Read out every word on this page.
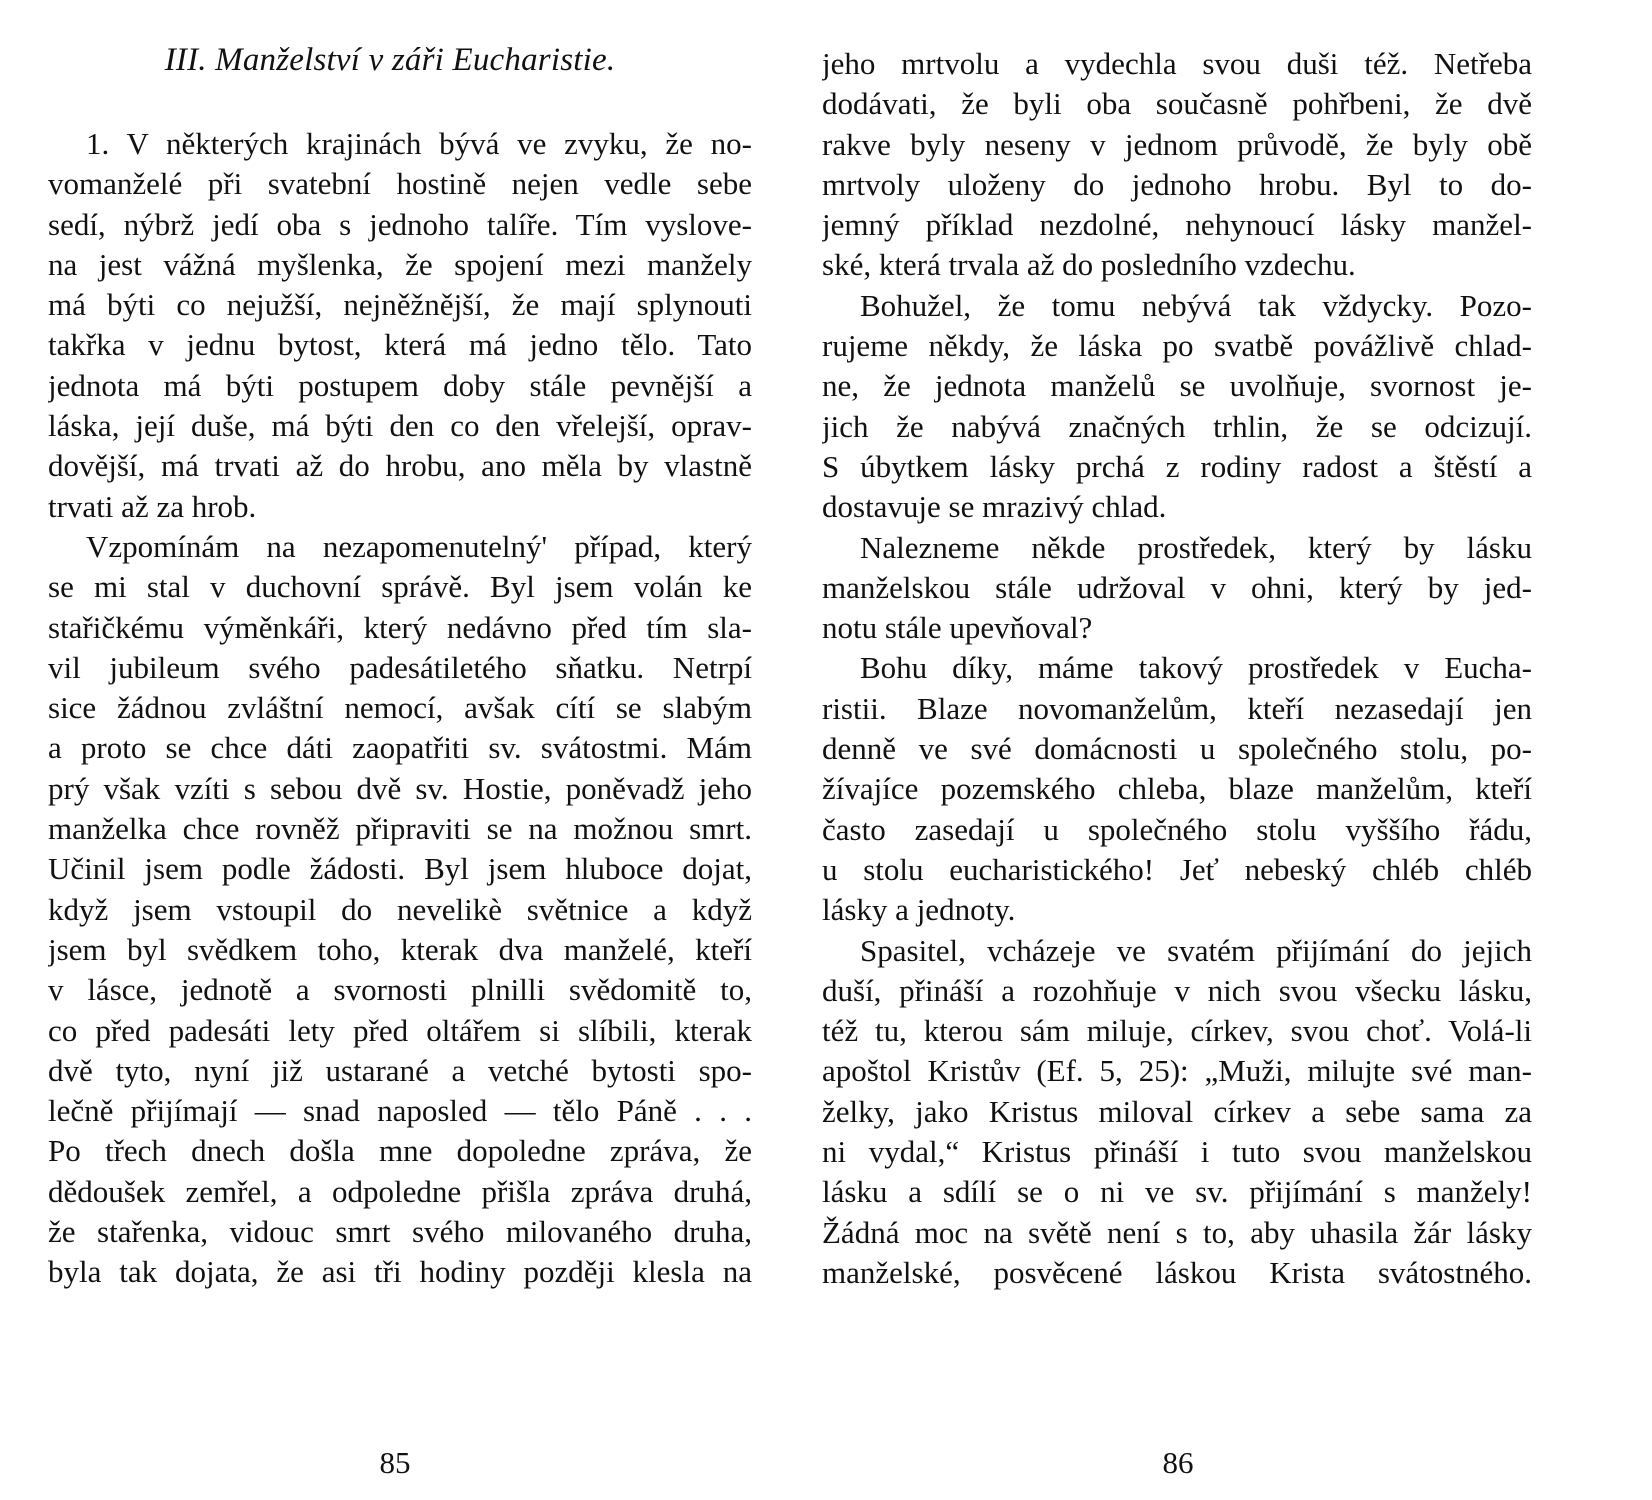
III. Manželství v záři Eucharistie.
1. V některých krajinách bývá ve zvyku, že no-
vomanželé při svatební hostině nejen vedle sebe
sedí, nýbrž jedí oba s jednoho talíře. Tím vyslove-
na jest vážná myšlenka, že spojení mezi manžely
má býti co nejužší, nejněžnější, že mají splynouti
takřka v jednu bytost, která má jedno tělo. Tato
jednota má býti postupem doby stále pevnější a
láska, její duše, má býti den co den vřelejší, oprav-
dovější, má trvati až do hrobu, ano měla by vlastně
trvati až za hrob.
Vzpomínám na nezapomenutelný' případ, který
se mi stal v duchovní správě. Byl jsem volán ke
stařičkému výměnkáři, který nedávno před tím sla-
vil jubileum svého padesátiletého sňatku. Netrpí
sice žádnou zvláštní nemocí, avšak cítí se slabým
a proto se chce dáti zaopatřiti sv. svátostmi. Mám
prý však vzíti s sebou dvě sv. Hostie, poněvadž jeho
manželka chce rovněž připraviti se na možnou smrt.
Učinil jsem podle žádosti. Byl jsem hluboce dojat,
když jsem vstoupil do nevelikè světnice a když
jsem byl svědkem toho, kterak dva manželé, kteří
v lásce, jednotě a svornosti plnilli svědomitě to,
co před padesáti lety před oltářem si slíbili, kterak
dvě tyto, nyní již ustarané a vetché bytosti spo-
lečně přijímají — snad naposled — tělo Páně . . .
Po třech dnech došla mne dopoledne zpráva, že
dědoušek zemřel, a odpoledne přišla zpráva druhá,
že stařenka, vidouc smrt svého milovaného druha,
byla tak dojata, že asi tři hodiny později klesla na
85
jeho mrtvolu a vydechla svou duši též. Netřeba
dodávati, že byli oba současně pohřbeni, že dvě
rakve byly neseny v jednom průvodě, že byly obě
mrtvoly uloženy do jednoho hrobu. Byl to do-
jemný příklad nezdolné, nehynoucí lásky manžel-
ské, která trvala až do posledního vzdechu.
Bohužel, že tomu nebývá tak vždycky. Pozo-
rujeme někdy, že láska po svatbě povážlivě chlad-
ne, že jednota manželů se uvolňuje, svornost je-
jich že nabývá značných trhlin, že se odcizují.
S úbytkem lásky prchá z rodiny radost a štěstí a
dostavuje se mrazivý chlad.
Nalezneme někde prostředek, který by lásku
manželskou stále udržoval v ohni, který by jed-
notu stále upevňoval?
Bohu díky, máme takový prostředek v Eucha-
ristii. Blaze novomanželům, kteří nezasedají jen
denně ve své domácnosti u společného stolu, po-
žívajíce pozemského chleba, blaze manželům, kteří
často zasedají u společného stolu vyššího řádu,
u stolu eucharistického! Jeť nebeský chléb chléb
lásky a jednoty.
Spasitel, vcházeje ve svatém přijímání do jejich
duší, přináší a rozohňuje v nich svou všecku lásku,
též tu, kterou sám miluje, církev, svou choť. Volá-li
apoštol Kristův (Ef. 5, 25): „Muži, milujte své man-
želky, jako Kristus miloval církev a sebe sama za
ni vydal,“ Kristus přináší i tuto svou manželskou
lásku a sdílí se o ni ve sv. přijímání s manžely!
Žádná moc na světě není s to, aby uhasila žár lásky
manželské, posvěcené láskou Krista svátostného.
86
